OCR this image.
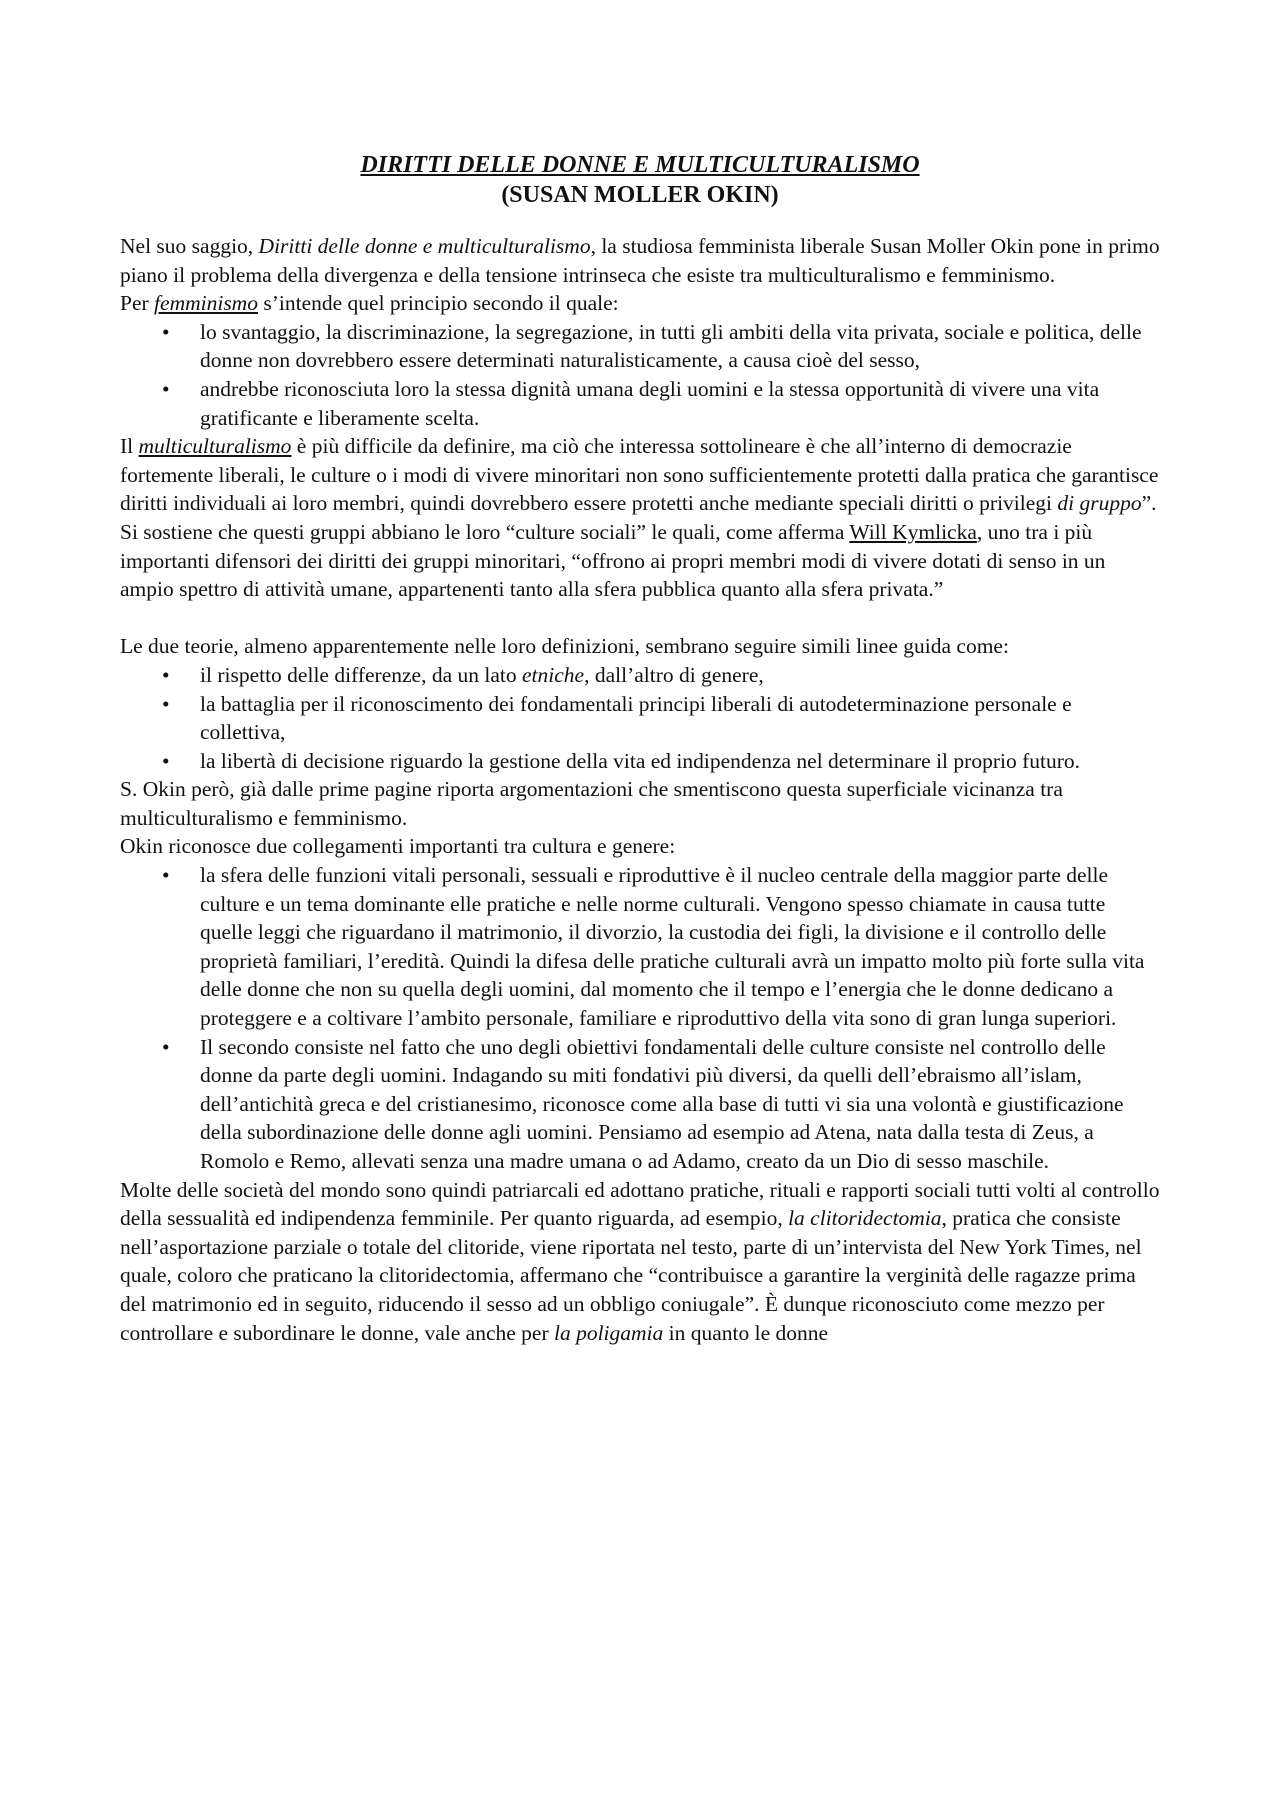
DIRITTI DELLE DONNE E MULTICULTURALISMO
(SUSAN MOLLER OKIN)

Nel suo saggio, Diritti delle donne e multiculturalismo, la studiosa femminista liberale Susan Moller Okin pone in primo piano il problema della divergenza e della tensione intrinseca che esiste tra multiculturalismo e femminismo.

Per femminismo s’intende quel principio secondo il quale:

• lo svantaggio, la discriminazione, la segregazione, in tutti gli ambiti della vita privata, sociale e politica, delle donne non dovrebbero essere determinati naturalisticamente, a causa cioè del sesso,
• andrebbe riconosciuta loro la stessa dignità umana degli uomini e la stessa opportunità di vivere una vita gratificante e liberamente scelta.

Il multiculturalismo è più difficile da definire, ma ciò che interessa sottolineare è che all’interno di democrazie fortemente liberali, le culture o i modi di vivere minoritari non sono sufficientemente protetti dalla pratica che garantisce diritti individuali ai loro membri, quindi dovrebbero essere protetti anche mediante speciali diritti o privilegi di gruppo”.

Si sostiene che questi gruppi abbiano le loro “culture sociali” le quali, come afferma Will Kymlicka, uno tra i più importanti difensori dei diritti dei gruppi minoritari, “offrono ai propri membri modi di vivere dotati di senso in un ampio spettro di attività umane, appartenenti tanto alla sfera pubblica quanto alla sfera privata.”

Le due teorie, almeno apparentemente nelle loro definizioni, sembrano seguire simili linee guida come:

• il rispetto delle differenze, da un lato etniche, dall’altro di genere,
• la battaglia per il riconoscimento dei fondamentali principi liberali di autodeterminazione personale e collettiva,
• la libertà di decisione riguardo la gestione della vita ed indipendenza nel determinare il proprio futuro.

S. Okin però, già dalle prime pagine riporta argomentazioni che smentiscono questa superficiale vicinanza tra multiculturalismo e femminismo.

Okin riconosce due collegamenti importanti tra cultura e genere:

• la sfera delle funzioni vitali personali, sessuali e riproduttive è il nucleo centrale della maggior parte delle culture e un tema dominante elle pratiche e nelle norme culturali. Vengono spesso chiamate in causa tutte quelle leggi che riguardano il matrimonio, il divorzio, la custodia dei figli, la divisione e il controllo delle proprietà familiari, l’eredità. Quindi la difesa delle pratiche culturali avrà un impatto molto più forte sulla vita delle donne che non su quella degli uomini, dal momento che il tempo e l’energia che le donne dedicano a proteggere e a coltivare l’ambito personale, familiare e riproduttivo della vita sono di gran lunga superiori.
• Il secondo consiste nel fatto che uno degli obiettivi fondamentali delle culture consiste nel controllo delle donne da parte degli uomini. Indagando su miti fondativi più diversi, da quelli dell’ebraismo all’islam, dell’antichità greca e del cristianesimo, riconosce come alla base di tutti vi sia una volontà e giustificazione della subordinazione delle donne agli uomini. Pensiamo ad esempio ad Atena, nata dalla testa di Zeus, a Romolo e Remo, allevati senza una madre umana o ad Adamo, creato da un Dio di sesso maschile.

Molte delle società del mondo sono quindi patriarcali ed adottano pratiche, rituali e rapporti sociali tutti volti al controllo della sessualità ed indipendenza femminile. Per quanto riguarda, ad esempio, la clitoridectomia, pratica che consiste nell’asportazione parziale o totale del clitoride, viene riportata nel testo, parte di un’intervista del New York Times, nel quale, coloro che praticano la clitoridectomia, affermano che “contribuisce a garantire la verginità delle ragazze prima del matrimonio ed in seguito, riducendo il sesso ad un obbligo coniugale”. È dunque riconosciuto come mezzo per controllare e subordinare le donne, vale anche per la poligamia in quanto le donne
